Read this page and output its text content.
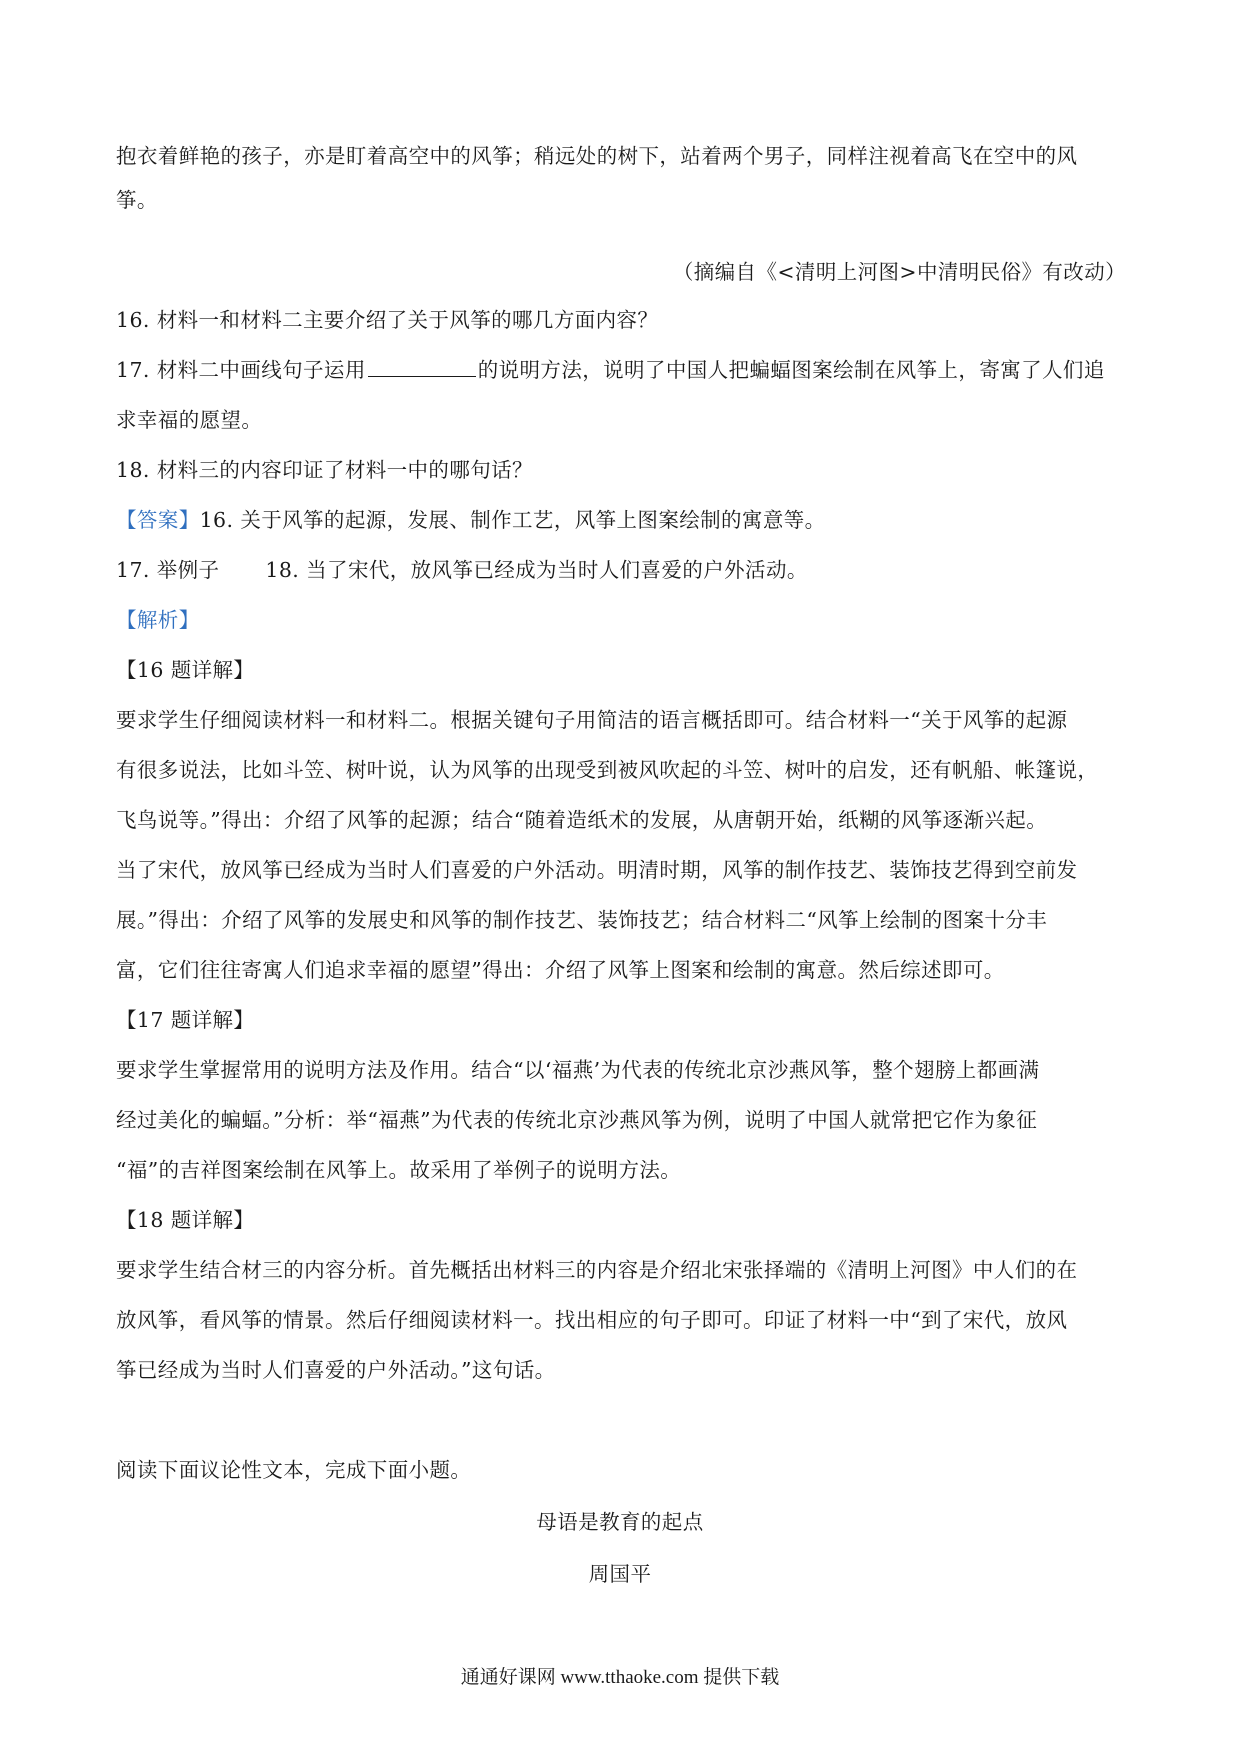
抱衣着鲜艳的孩子，亦是盯着高空中的风筝；稍远处的树下，站着两个男子，同样注视着高飞在空中的风
筝。
（摘编自《<清明上河图>中清明民俗》有改动）
16. 材料一和材料二主要介绍了关于风筝的哪几方面内容？
17. 材料二中画线句子运用	的说明方法，说明了中国人把蝙蝠图案绘制在风筝上，寄寓了人们追
求幸福的愿望。
18. 材料三的内容印证了材料一中的哪句话？
【答案】16. 关于风筝的起源，发展、制作工艺，风筝上图案绘制的寓意等。
17. 举例子 18. 当了宋代，放风筝已经成为当时人们喜爱的户外活动。
【解析】
【16 题详解】
要求学生仔细阅读材料一和材料二。根据关键句子用简洁的语言概括即可。结合材料一“关于风筝的起源
有很多说法，比如斗笠、树叶说，认为风筝的出现受到被风吹起的斗笠、树叶的启发，还有帆船、帐篷说，
飞鸟说等。”得出：介绍了风筝的起源；结合“随着造纸术的发展，从唐朝开始，纸糊的风筝逐渐兴起。
当了宋代，放风筝已经成为当时人们喜爱的户外活动。明清时期，风筝的制作技艺、装饰技艺得到空前发
展。”得出：介绍了风筝的发展史和风筝的制作技艺、装饰技艺；结合材料二“风筝上绘制的图案十分丰
富，它们往往寄寓人们追求幸福的愿望”得出：介绍了风筝上图案和绘制的寓意。然后综述即可。
【17 题详解】
要求学生掌握常用的说明方法及作用。结合“以‘福燕’为代表的传统北京沙燕风筝，整个翅膀上都画满
经过美化的蝙蝠。”分析：举“福燕”为代表的传统北京沙燕风筝为例，说明了中国人就常把它作为象征
“福”的吉祥图案绘制在风筝上。故采用了举例子的说明方法。
【18 题详解】
要求学生结合材三的内容分析。首先概括出材料三的内容是介绍北宋张择端的《清明上河图》中人们的在
放风筝，看风筝的情景。然后仔细阅读材料一。找出相应的句子即可。印证了材料一中“到了宋代，放风
筝已经成为当时人们喜爱的户外活动。”这句话。
阅读下面议论性文本，完成下面小题。
母语是教育的起点
周国平
通通好课网 www.tthaoke.com 提供下载
